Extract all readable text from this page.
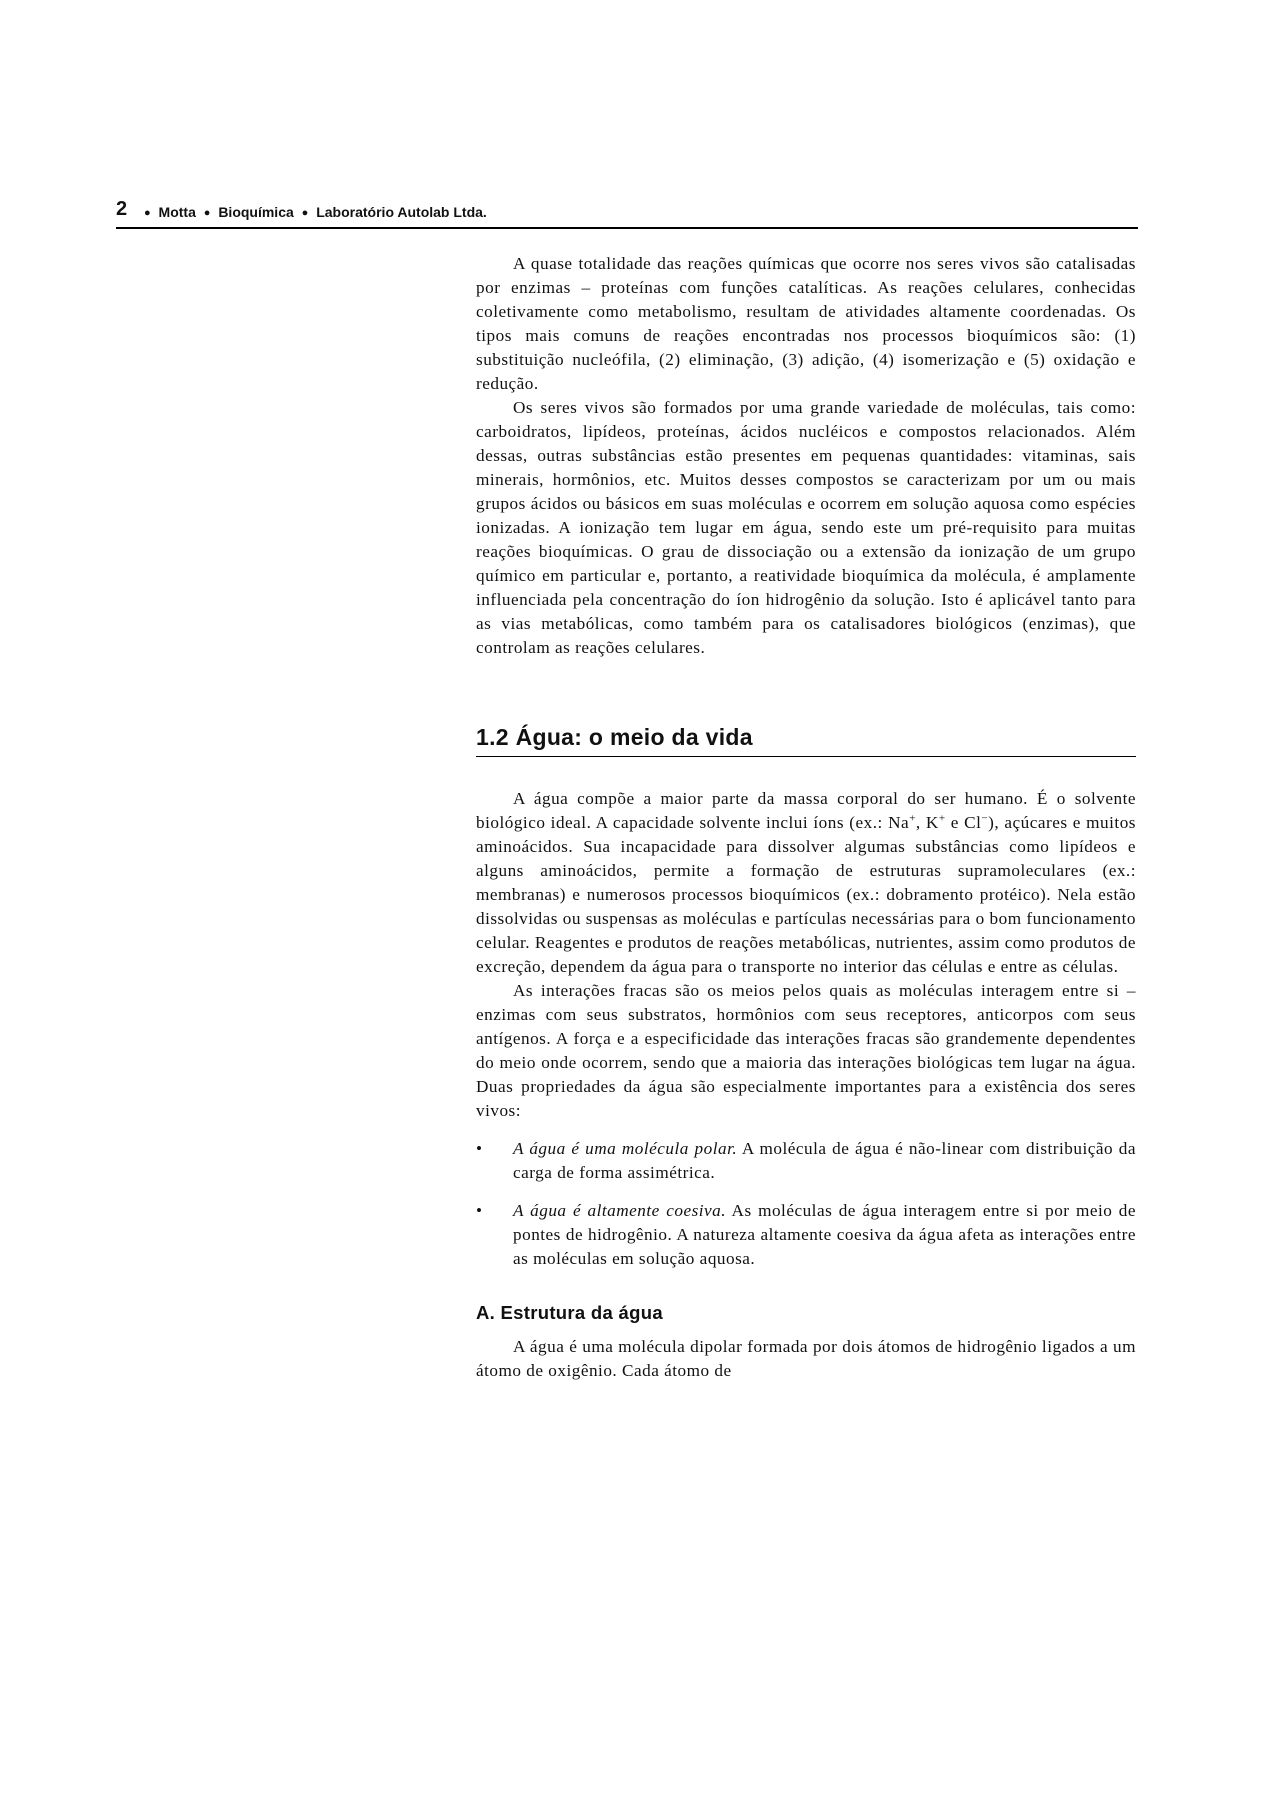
2	● Motta ● Bioquímica ● Laboratório Autolab Ltda.

A quase totalidade das reações químicas que ocorre nos seres vivos são catalisadas por enzimas – proteínas com funções catalíticas. As reações celulares, conhecidas coletivamente como metabolismo, resultam de atividades altamente coordenadas. Os tipos mais comuns de reações encontradas nos processos bioquímicos são: (1) substituição nucleófila, (2) eliminação, (3) adição, (4) isomerização e (5) oxidação e redução.

Os seres vivos são formados por uma grande variedade de moléculas, tais como: carboidratos, lipídeos, proteínas, ácidos nucléicos e compostos relacionados. Além dessas, outras substâncias estão presentes em pequenas quantidades: vitaminas, sais minerais, hormônios, etc. Muitos desses compostos se caracterizam por um ou mais grupos ácidos ou básicos em suas moléculas e ocorrem em solução aquosa como espécies ionizadas. A ionização tem lugar em água, sendo este um pré-requisito para muitas reações bioquímicas. O grau de dissociação ou a extensão da ionização de um grupo químico em particular e, portanto, a reatividade bioquímica da molécula, é amplamente influenciada pela concentração do íon hidrogênio da solução. Isto é aplicável tanto para as vias metabólicas, como também para os catalisadores biológicos (enzimas), que controlam as reações celulares.

1.2 Água: o meio da vida

A água compõe a maior parte da massa corporal do ser humano. É o solvente biológico ideal. A capacidade solvente inclui íons (ex.: Na+, K+ e Cl−), açúcares e muitos aminoácidos. Sua incapacidade para dissolver algumas substâncias como lipídeos e alguns aminoácidos, permite a formação de estruturas supramoleculares (ex.: membranas) e numerosos processos bioquímicos (ex.: dobramento protéico). Nela estão dissolvidas ou suspensas as moléculas e partículas necessárias para o bom funcionamento celular. Reagentes e produtos de reações metabólicas, nutrientes, assim como produtos de excreção, dependem da água para o transporte no interior das células e entre as células.

As interações fracas são os meios pelos quais as moléculas interagem entre si – enzimas com seus substratos, hormônios com seus receptores, anticorpos com seus antígenos. A força e a especificidade das interações fracas são grandemente dependentes do meio onde ocorrem, sendo que a maioria das interações biológicas tem lugar na água. Duas propriedades da água são especialmente importantes para a existência dos seres vivos:

• A água é uma molécula polar. A molécula de água é não-linear com distribuição da carga de forma assimétrica.
• A água é altamente coesiva. As moléculas de água interagem entre si por meio de pontes de hidrogênio. A natureza altamente coesiva da água afeta as interações entre as moléculas em solução aquosa.
A. Estrutura da água

A água é uma molécula dipolar formada por dois átomos de hidrogênio ligados a um átomo de oxigênio. Cada átomo de
